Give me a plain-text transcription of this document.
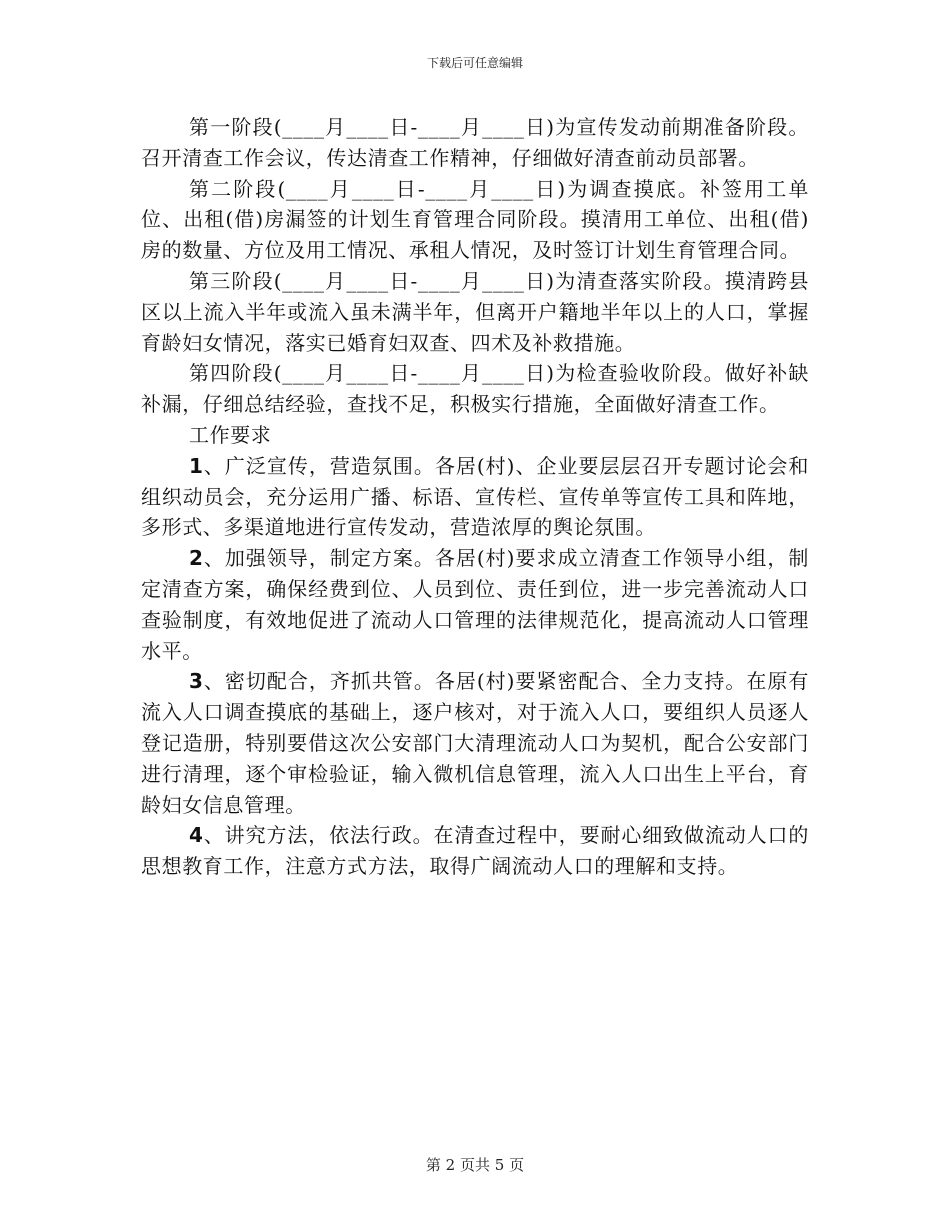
下载后可任意编辑

第一阶段(____月____日-____月____日)为宣传发动前期准备阶段。召开清查工作会议，传达清查工作精神，仔细做好清查前动员部署。

第二阶段(____月____日-____月____日)为调查摸底。补签用工单位、出租(借)房漏签的计划生育管理合同阶段。摸清用工单位、出租(借)房的数量、方位及用工情况、承租人情况，及时签订计划生育管理合同。

第三阶段(____月____日-____月____日)为清查落实阶段。摸清跨县区以上流入半年或流入虽未满半年，但离开户籍地半年以上的人口，掌握育龄妇女情况，落实已婚育妇双查、四术及补救措施。

第四阶段(____月____日-____月____日)为检查验收阶段。做好补缺补漏，仔细总结经验，查找不足，积极实行措施，全面做好清查工作。

工作要求

1、广泛宣传，营造氛围。各居(村)、企业要层层召开专题讨论会和组织动员会，充分运用广播、标语、宣传栏、宣传单等宣传工具和阵地，多形式、多渠道地进行宣传发动，营造浓厚的舆论氛围。

2、加强领导，制定方案。各居(村)要求成立清查工作领导小组，制定清查方案，确保经费到位、人员到位、责任到位，进一步完善流动人口查验制度，有效地促进了流动人口管理的法律规范化，提高流动人口管理水平。

3、密切配合，齐抓共管。各居(村)要紧密配合、全力支持。在原有流入人口调查摸底的基础上，逐户核对，对于流入人口，要组织人员逐人登记造册，特别要借这次公安部门大清理流动人口为契机，配合公安部门进行清理，逐个审检验证，输入微机信息管理，流入人口出生上平台，育龄妇女信息管理。

4、讲究方法，依法行政。在清查过程中，要耐心细致做流动人口的思想教育工作，注意方式方法，取得广阔流动人口的理解和支持。

第 2 页共 5 页
